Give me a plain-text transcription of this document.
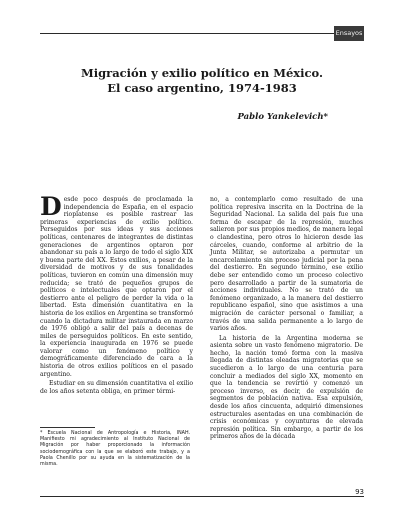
Ensayos
Migración y exilio político en México.
El caso argentino, 1974-1983
Pablo Yankelevich*

Desde poco después de proclamada la independencia de España, en el espacio rioplatense es posible rastrear las primeras experiencias de exilio político. Perseguidos por sus ideas y sus acciones políticas, centenares de integrantes de distintas generaciones de argentinos optaron por abandonar su país a lo largo de todo el siglo XIX y buena parte del XX. Estos exilios, a pesar de la diversidad de motivos y de sus tonalidades políticas, tuvieron en común una dimensión muy reducida; se trató de pequeños grupos de políticos e intelectuales que optaron por el destierro ante el peligro de perder la vida o la libertad. Esta dimensión cuantitativa en la historia de los exilios en Argentina se transformó cuando la dictadura militar instaurada en marzo de 1976 obligó a salir del país a decenas de miles de perseguidos políticos. En este sentido, la experiencia inaugurada en 1976 se puede valorar como un fenómeno político y demográficamente diferenciado de cara a la historia de otros exilios políticos en el pasado argentino.

Estudiar en su dimensión cuantitativa el exilio de los años setenta obliga, en primer térmi-

no, a contemplarlo como resultado de una política represiva inscrita en la Doctrina de la Seguridad Nacional. La salida del país fue una forma de escapar de la represión, muchos salieron por sus propios medios, de manera legal o clandestina, pero otros lo hicieron desde las cárceles, cuando, conforme al arbitrio de la Junta Militar, se autorizaba a permutar un encarcelamiento sin proceso judicial por la pena del destierro. En segundo término, ese exilio debe ser entendido como un proceso colectivo pero desarrollado a partir de la sumatoria de acciones individuales. No se trató de un fenómeno organizado, a la manera del destierro republicano español, sino que asistimos a una migración de carácter personal o familiar, a través de una salida permanente a lo largo de varios años.

La historia de la Argentina moderna se asienta sobre un vasto fenómeno migratorio. De hecho, la nación tomó forma con la masiva llegada de distintas oleadas migratorias que se sucedieron a lo largo de una centuria para concluir a mediados del siglo XX, momento en que la tendencia se revirtió y comenzó un proceso inverso, es decir, de expulsión de segmentos de población nativa. Esa expulsión, desde los años cincuenta, adquirió dimensiones estructurales asentadas en una combinación de crisis económicas y coyunturas de elevada represión política. Sin embargo, a partir de los primeros años de la década

* Escuela Nacional de Antropología e Historia, INAH. Manifiesto mi agradecimiento al Instituto Nacional de Migración por haber proporcionado la información sociodemográfica con la que se elaboró este trabajo, y a Paola Chenillo por su ayuda en la sistematización de la misma.

93
